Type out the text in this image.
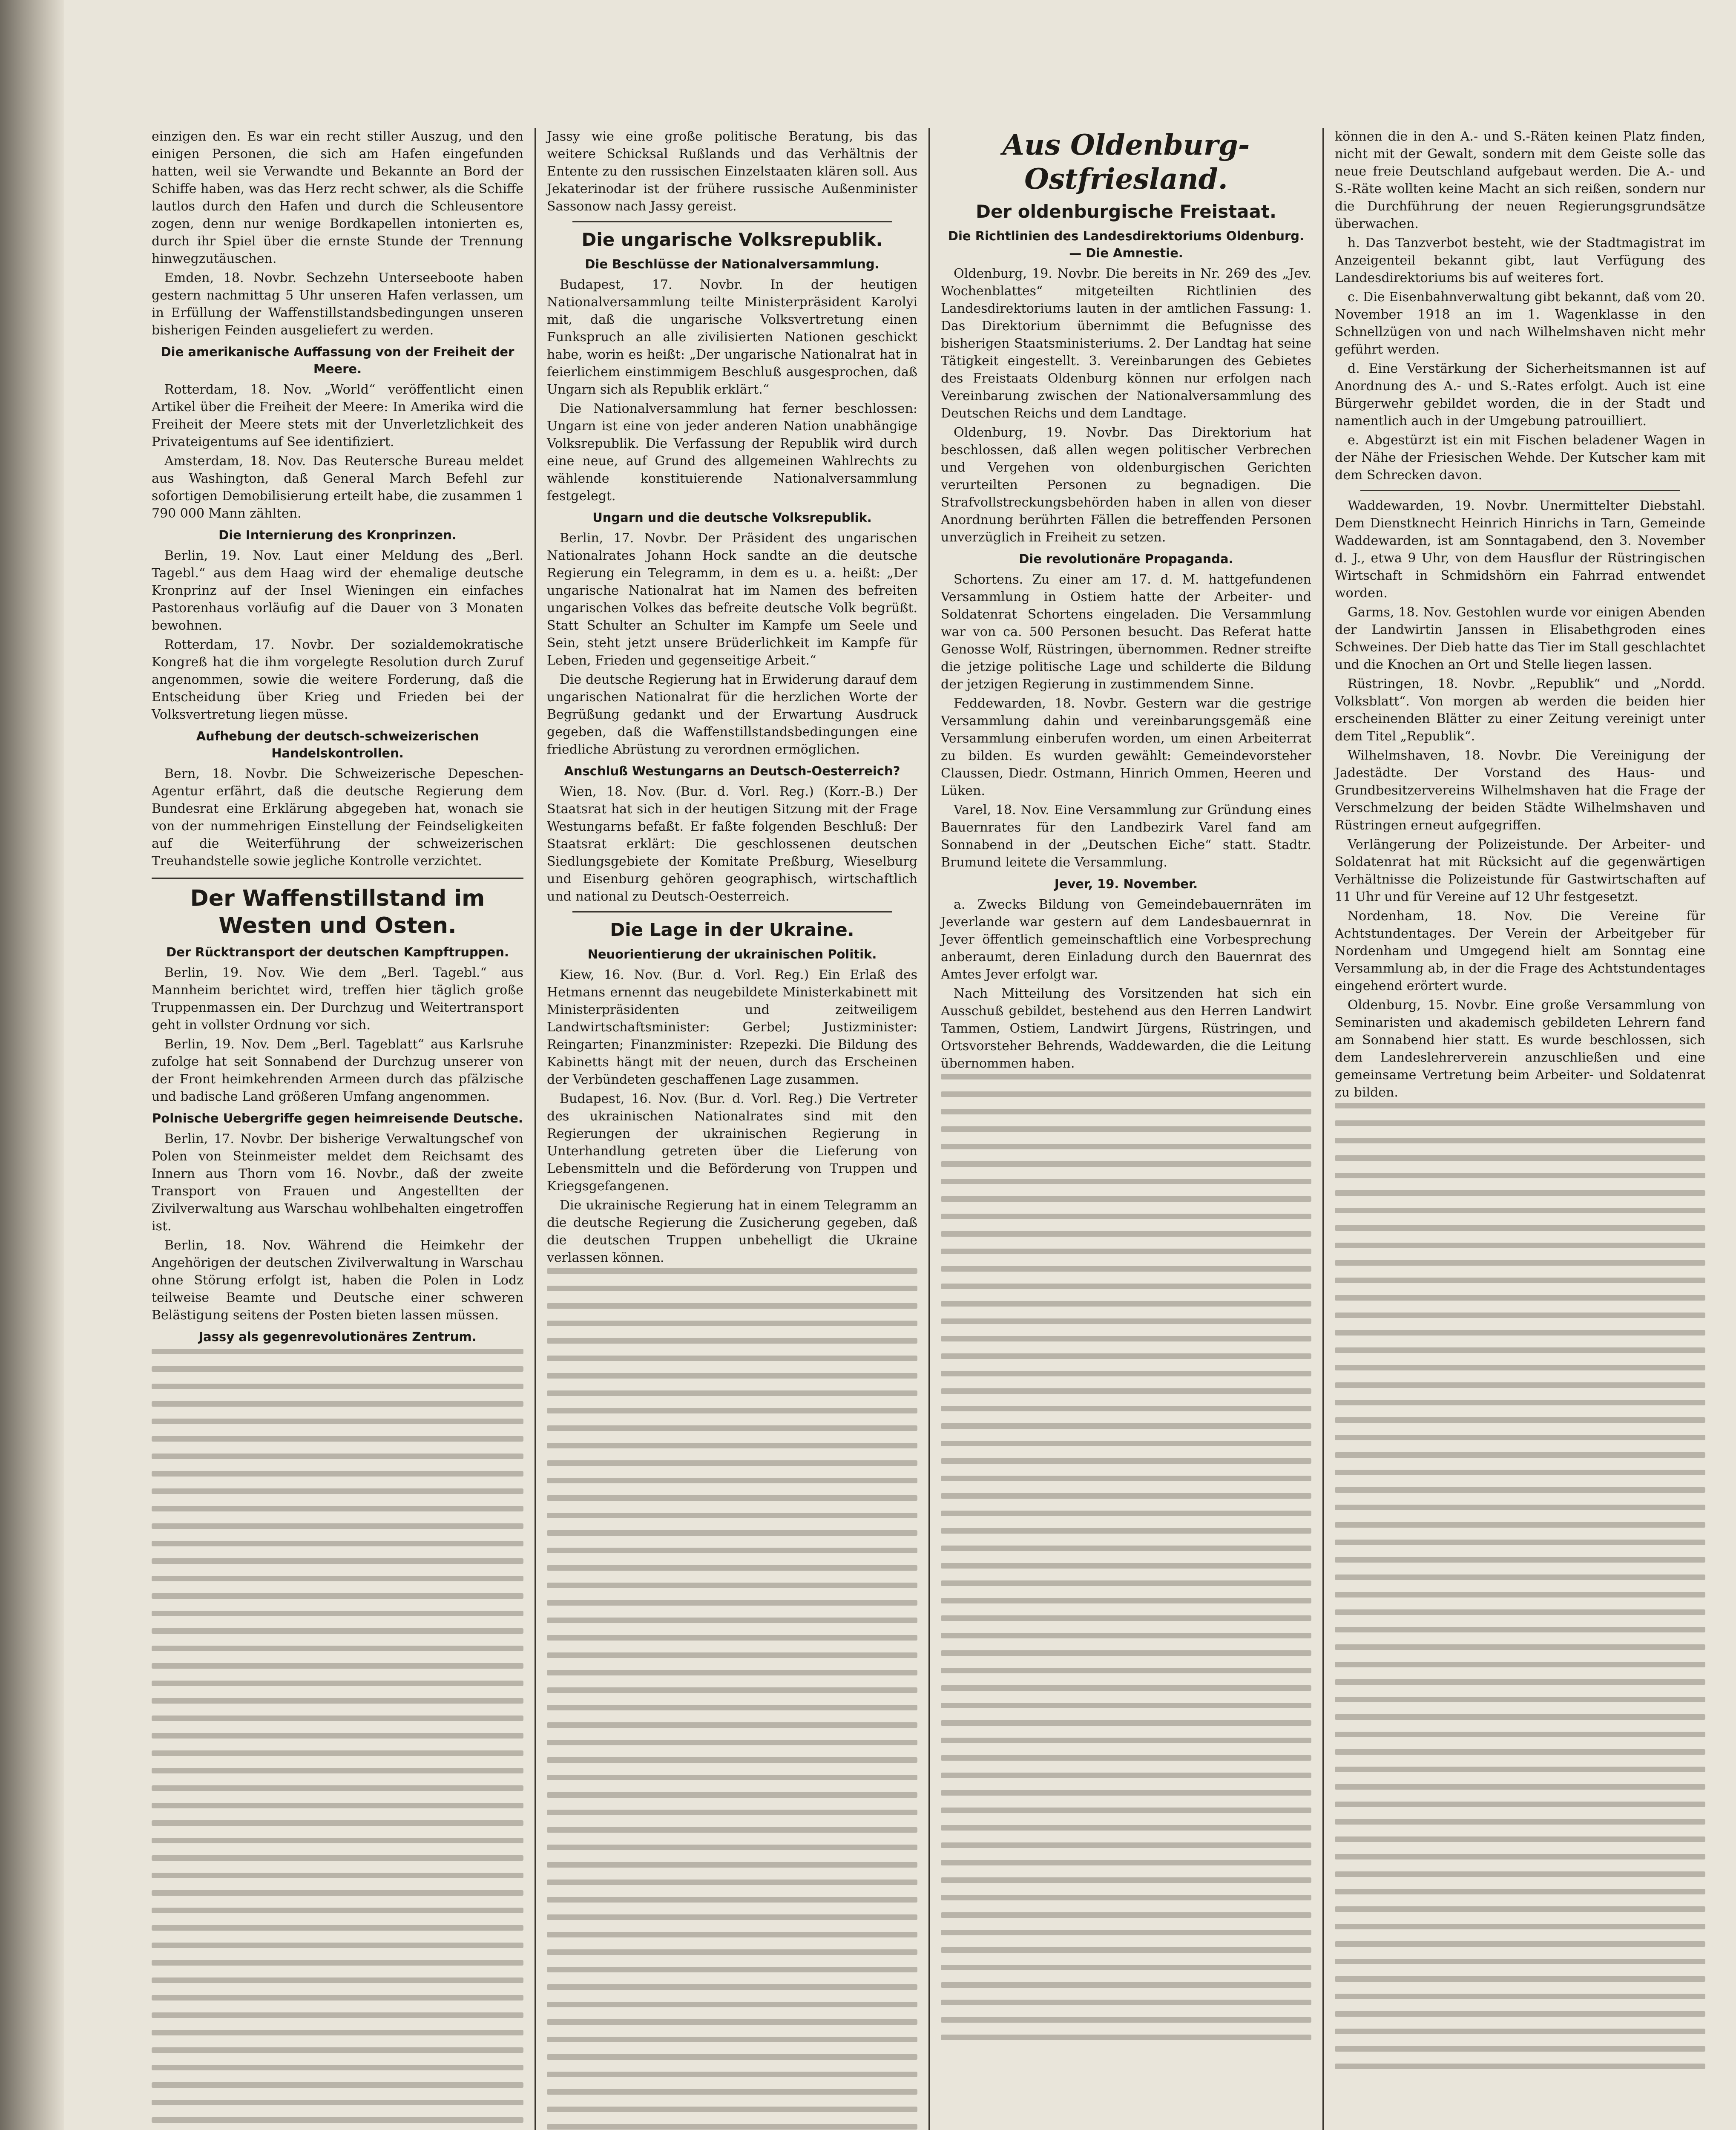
einzigen den. Es war ein recht stiller Auszug, und den einigen Personen, die sich am Hafen eingefunden hatten, weil sie Verwandte und Bekannte an Bord der Schiffe haben, was das Herz recht schwer, als die Schiffe lautlos durch den Hafen und durch die Schleusentore zogen, denn nur wenige Bordkapellen intonierten es, durch ihr Spiel über die ernste Stunde der Trennung hinwegzutäuschen.

Emden, 18. Novbr. Sechzehn Unterseeboote haben gestern nachmittag 5 Uhr unseren Hafen verlassen, um in Erfüllung der Waffenstillstandsbedingungen unseren bisherigen Feinden ausgeliefert zu werden.

Die amerikanische Auffassung von der Freiheit der Meere.

Rotterdam, 18. Nov. „World“ veröffentlicht einen Artikel über die Freiheit der Meere: In Amerika wird die Freiheit der Meere stets mit der Unverletzlichkeit des Privateigentums auf See identifiziert.

Amsterdam, 18. Nov. Das Reutersche Bureau meldet aus Washington, daß General March Befehl zur sofortigen Demobilisierung erteilt habe, die zusammen 1 790 000 Mann zählten.

Die Internierung des Kronprinzen.

Berlin, 19. Nov. Laut einer Meldung des „Berl. Tagebl.“ aus dem Haag wird der ehemalige deutsche Kronprinz auf der Insel Wieningen ein einfaches Pastorenhaus vorläufig auf die Dauer von 3 Monaten bewohnen.

Rotterdam, 17. Novbr. Der sozialdemokratische Kongreß hat die ihm vorgelegte Resolution durch Zuruf angenommen, sowie die weitere Forderung, daß die Entscheidung über Krieg und Frieden bei der Volksvertretung liegen müsse.

Aufhebung der deutsch-schweizerischen Handelskontrollen.

Bern, 18. Novbr. Die Schweizerische Depeschen-Agentur erfährt, daß die deutsche Regierung dem Bundesrat eine Erklärung abgegeben hat, wonach sie von der nummehrigen Einstellung der Feindseligkeiten auf die Weiterführung der schweizerischen Treuhandstelle sowie jegliche Kontrolle verzichtet.

Der Waffenstillstand im Westen und Osten.
Der Rücktransport der deutschen Kampftruppen.

Berlin, 19. Nov. Wie dem „Berl. Tagebl.“ aus Mannheim berichtet wird, treffen hier täglich große Truppenmassen ein. Der Durchzug und Weitertransport geht in vollster Ordnung vor sich.

Berlin, 19. Nov. Dem „Berl. Tageblatt“ aus Karlsruhe zufolge hat seit Sonnabend der Durchzug unserer von der Front heimkehrenden Armeen durch das pfälzische und badische Land größeren Umfang angenommen.

Polnische Uebergriffe gegen heimreisende Deutsche.

Berlin, 17. Novbr. Der bisherige Verwaltungschef von Polen von Steinmeister meldet dem Reichsamt des Innern aus Thorn vom 16. Novbr., daß der zweite Transport von Frauen und Angestellten der Zivilverwaltung aus Warschau wohlbehalten eingetroffen ist.

Berlin, 18. Nov. Während die Heimkehr der Angehörigen der deutschen Zivilverwaltung in Warschau ohne Störung erfolgt ist, haben die Polen in Lodz teilweise Beamte und Deutsche einer schweren Belästigung seitens der Posten bieten lassen müssen.

Jassy als gegenrevolutionäres Zentrum.

Jassy wie eine große politische Beratung, bis das weitere Schicksal Rußlands und das Verhältnis der Entente zu den russischen Einzelstaaten klären soll. Aus Jekaterinodar ist der frühere russische Außenminister Sassonow nach Jassy gereist.

Die ungarische Volksrepublik.
Die Beschlüsse der Nationalversammlung.

Budapest, 17. Novbr. In der heutigen Nationalversammlung teilte Ministerpräsident Karolyi mit, daß die ungarische Volksvertretung einen Funkspruch an alle zivilisierten Nationen geschickt habe, worin es heißt: „Der ungarische Nationalrat hat in feierlichem einstimmigem Beschluß ausgesprochen, daß Ungarn sich als Republik erklärt.“

Die Nationalversammlung hat ferner beschlossen: Ungarn ist eine von jeder anderen Nation unabhängige Volksrepublik. Die Verfassung der Republik wird durch eine neue, auf Grund des allgemeinen Wahlrechts zu wählende konstituierende Nationalversammlung festgelegt.

Ungarn und die deutsche Volksrepublik.

Berlin, 17. Novbr. Der Präsident des ungarischen Nationalrates Johann Hock sandte an die deutsche Regierung ein Telegramm, in dem es u. a. heißt: „Der ungarische Nationalrat hat im Namen des befreiten ungarischen Volkes das befreite deutsche Volk begrüßt. Statt Schulter an Schulter im Kampfe um Seele und Sein, steht jetzt unsere Brüderlichkeit im Kampfe für Leben, Frieden und gegenseitige Arbeit.“

Die deutsche Regierung hat in Erwiderung darauf dem ungarischen Nationalrat für die herzlichen Worte der Begrüßung gedankt und der Erwartung Ausdruck gegeben, daß die Waffenstillstandsbedingungen eine friedliche Abrüstung zu verordnen ermöglichen.

Anschluß Westungarns an Deutsch-Oesterreich?

Wien, 18. Nov. (Bur. d. Vorl. Reg.) (Korr.-B.) Der Staatsrat hat sich in der heutigen Sitzung mit der Frage Westungarns befaßt. Er faßte folgenden Beschluß: Der Staatsrat erklärt: Die geschlossenen deutschen Siedlungsgebiete der Komitate Preßburg, Wieselburg und Eisenburg gehören geographisch, wirtschaftlich und national zu Deutsch-Oesterreich.

Die Lage in der Ukraine.
Neuorientierung der ukrainischen Politik.

Kiew, 16. Nov. (Bur. d. Vorl. Reg.) Ein Erlaß des Hetmans ernennt das neugebildete Ministerkabinett mit Ministerpräsidenten und zeitweiligem Landwirtschaftsminister: Gerbel; Justizminister: Reingarten; Finanzminister: Rzepezki. Die Bildung des Kabinetts hängt mit der neuen, durch das Erscheinen der Verbündeten geschaffenen Lage zusammen.

Budapest, 16. Nov. (Bur. d. Vorl. Reg.) Die Vertreter des ukrainischen Nationalrates sind mit den Regierungen der ukrainischen Regierung in Unterhandlung getreten über die Lieferung von Lebensmitteln und die Beförderung von Truppen und Kriegsgefangenen.

Die ukrainische Regierung hat in einem Telegramm an die deutsche Regierung die Zusicherung gegeben, daß die deutschen Truppen unbehelligt die Ukraine verlassen können.

Aus Oldenburg-Ostfriesland.
Der oldenburgische Freistaat.
Die Richtlinien des Landesdirektoriums Oldenburg. — Die Amnestie.

Oldenburg, 19. Novbr. Die bereits in Nr. 269 des „Jev. Wochenblattes“ mitgeteilten Richtlinien des Landesdirektoriums lauten in der amtlichen Fassung: 1. Das Direktorium übernimmt die Befugnisse des bisherigen Staatsministeriums. 2. Der Landtag hat seine Tätigkeit eingestellt. 3. Vereinbarungen des Gebietes des Freistaats Oldenburg können nur erfolgen nach Vereinbarung zwischen der Nationalversammlung des Deutschen Reichs und dem Landtage.

Oldenburg, 19. Novbr. Das Direktorium hat beschlossen, daß allen wegen politischer Verbrechen und Vergehen von oldenburgischen Gerichten verurteilten Personen zu begnadigen. Die Strafvollstreckungsbehörden haben in allen von dieser Anordnung berührten Fällen die betreffenden Personen unverzüglich in Freiheit zu setzen.

Die revolutionäre Propaganda.

Schortens. Zu einer am 17. d. M. hattgefundenen Versammlung in Ostiem hatte der Arbeiter- und Soldatenrat Schortens eingeladen. Die Versammlung war von ca. 500 Personen besucht. Das Referat hatte Genosse Wolf, Rüstringen, übernommen. Redner streifte die jetzige politische Lage und schilderte die Bildung der jetzigen Regierung in zustimmendem Sinne.

Feddewarden, 18. Novbr. Gestern war die gestrige Versammlung dahin und vereinbarungsgemäß eine Versammlung einberufen worden, um einen Arbeiterrat zu bilden. Es wurden gewählt: Gemeindevorsteher Claussen, Diedr. Ostmann, Hinrich Ommen, Heeren und Lüken.

Varel, 18. Nov. Eine Versammlung zur Gründung eines Bauernrates für den Landbezirk Varel fand am Sonnabend in der „Deutschen Eiche“ statt. Stadtr. Brumund leitete die Versammlung.

Jever, 19. November.

a. Zwecks Bildung von Gemeindebauernräten im Jeverlande war gestern auf dem Landesbauernrat in Jever öffentlich gemeinschaftlich eine Vorbesprechung anberaumt, deren Einladung durch den Bauernrat des Amtes Jever erfolgt war.

Nach Mitteilung des Vorsitzenden hat sich ein Ausschuß gebildet, bestehend aus den Herren Landwirt Tammen, Ostiem, Landwirt Jürgens, Rüstringen, und Ortsvorsteher Behrends, Waddewarden, die die Leitung übernommen haben.

können die in den A.- und S.-Räten keinen Platz finden, nicht mit der Gewalt, sondern mit dem Geiste solle das neue freie Deutschland aufgebaut werden. Die A.- und S.-Räte wollten keine Macht an sich reißen, sondern nur die Durchführung der neuen Regierungsgrundsätze überwachen.

h. Das Tanzverbot besteht, wie der Stadtmagistrat im Anzeigenteil bekannt gibt, laut Verfügung des Landesdirektoriums bis auf weiteres fort.

c. Die Eisenbahnverwaltung gibt bekannt, daß vom 20. November 1918 an im 1. Wagenklasse in den Schnellzügen von und nach Wilhelmshaven nicht mehr geführt werden.

d. Eine Verstärkung der Sicherheitsmannen ist auf Anordnung des A.- und S.-Rates erfolgt. Auch ist eine Bürgerwehr gebildet worden, die in der Stadt und namentlich auch in der Umgebung patrouilliert.

e. Abgestürzt ist ein mit Fischen beladener Wagen in der Nähe der Friesischen Wehde. Der Kutscher kam mit dem Schrecken davon.

Waddewarden, 19. Novbr. Unermittelter Diebstahl. Dem Dienstknecht Heinrich Hinrichs in Tarn, Gemeinde Waddewarden, ist am Sonntagabend, den 3. November d. J., etwa 9 Uhr, von dem Hausflur der Rüstringischen Wirtschaft in Schmidshörn ein Fahrrad entwendet worden.

Garms, 18. Nov. Gestohlen wurde vor einigen Abenden der Landwirtin Janssen in Elisabethgroden eines Schweines. Der Dieb hatte das Tier im Stall geschlachtet und die Knochen an Ort und Stelle liegen lassen.

Rüstringen, 18. Novbr. „Republik“ und „Nordd. Volksblatt“. Von morgen ab werden die beiden hier erscheinenden Blätter zu einer Zeitung vereinigt unter dem Titel „Republik“.

Wilhelmshaven, 18. Novbr. Die Vereinigung der Jadestädte. Der Vorstand des Haus- und Grundbesitzervereins Wilhelmshaven hat die Frage der Verschmelzung der beiden Städte Wilhelmshaven und Rüstringen erneut aufgegriffen.

Verlängerung der Polizeistunde. Der Arbeiter- und Soldatenrat hat mit Rücksicht auf die gegenwärtigen Verhältnisse die Polizeistunde für Gastwirtschaften auf 11 Uhr und für Vereine auf 12 Uhr festgesetzt.

Nordenham, 18. Nov. Die Vereine für Achtstundentages. Der Verein der Arbeitgeber für Nordenham und Umgegend hielt am Sonntag eine Versammlung ab, in der die Frage des Achtstundentages eingehend erörtert wurde.

Oldenburg, 15. Novbr. Eine große Versammlung von Seminaristen und akademisch gebildeten Lehrern fand am Sonnabend hier statt. Es wurde beschlossen, sich dem Landeslehrerverein anzuschließen und eine gemeinsame Vertretung beim Arbeiter- und Soldatenrat zu bilden.
